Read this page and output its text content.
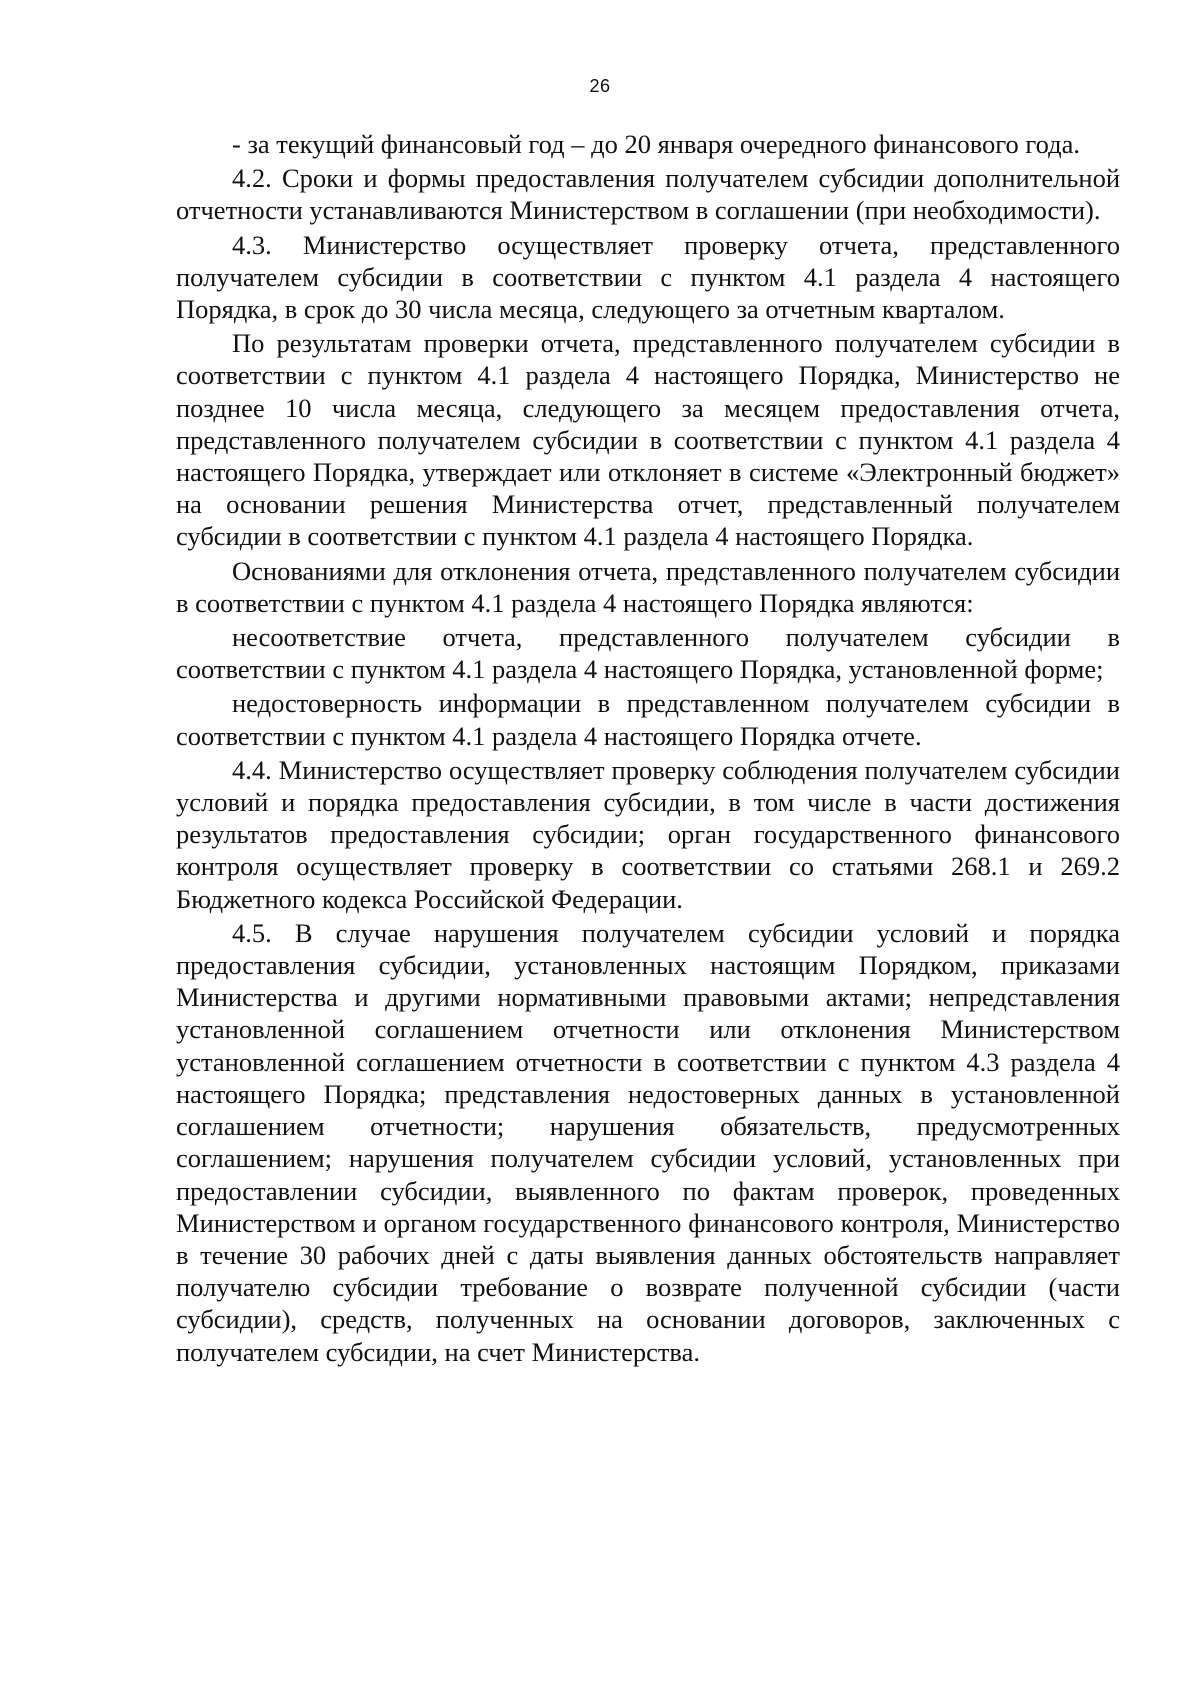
26

- за текущий финансовый год – до 20 января очередного финансового года.

4.2. Сроки и формы предоставления получателем субсидии дополнительной отчетности устанавливаются Министерством в соглашении (при необходимости).

4.3. Министерство осуществляет проверку отчета, представленного получателем субсидии в соответствии с пунктом 4.1 раздела 4 настоящего Порядка, в срок до 30 числа месяца, следующего за отчетным кварталом.

По результатам проверки отчета, представленного получателем субсидии в соответствии с пунктом 4.1 раздела 4 настоящего Порядка, Министерство не позднее 10 числа месяца, следующего за месяцем предоставления отчета, представленного получателем субсидии в соответствии с пунктом 4.1 раздела 4 настоящего Порядка, утверждает или отклоняет в системе «Электронный бюджет» на основании решения Министерства отчет, представленный получателем субсидии в соответствии с пунктом 4.1 раздела 4 настоящего Порядка.

Основаниями для отклонения отчета, представленного получателем субсидии в соответствии с пунктом 4.1 раздела 4 настоящего Порядка являются:

несоответствие отчета, представленного получателем субсидии в соответствии с пунктом 4.1 раздела 4 настоящего Порядка, установленной форме;

недостоверность информации в представленном получателем субсидии в соответствии с пунктом 4.1 раздела 4 настоящего Порядка отчете.

4.4. Министерство осуществляет проверку соблюдения получателем субсидии условий и порядка предоставления субсидии, в том числе в части достижения результатов предоставления субсидии; орган государственного финансового контроля осуществляет проверку в соответствии со статьями 268.1 и 269.2 Бюджетного кодекса Российской Федерации.

4.5. В случае нарушения получателем субсидии условий и порядка предоставления субсидии, установленных настоящим Порядком, приказами Министерства и другими нормативными правовыми актами; непредставления установленной соглашением отчетности или отклонения Министерством установленной соглашением отчетности в соответствии с пунктом 4.3 раздела 4 настоящего Порядка; представления недостоверных данных в установленной соглашением отчетности; нарушения обязательств, предусмотренных соглашением; нарушения получателем субсидии условий, установленных при предоставлении субсидии, выявленного по фактам проверок, проведенных Министерством и органом государственного финансового контроля, Министерство в течение 30 рабочих дней с даты выявления данных обстоятельств направляет получателю субсидии требование о возврате полученной субсидии (части субсидии), средств, полученных на основании договоров, заключенных с получателем субсидии, на счет Министерства.
